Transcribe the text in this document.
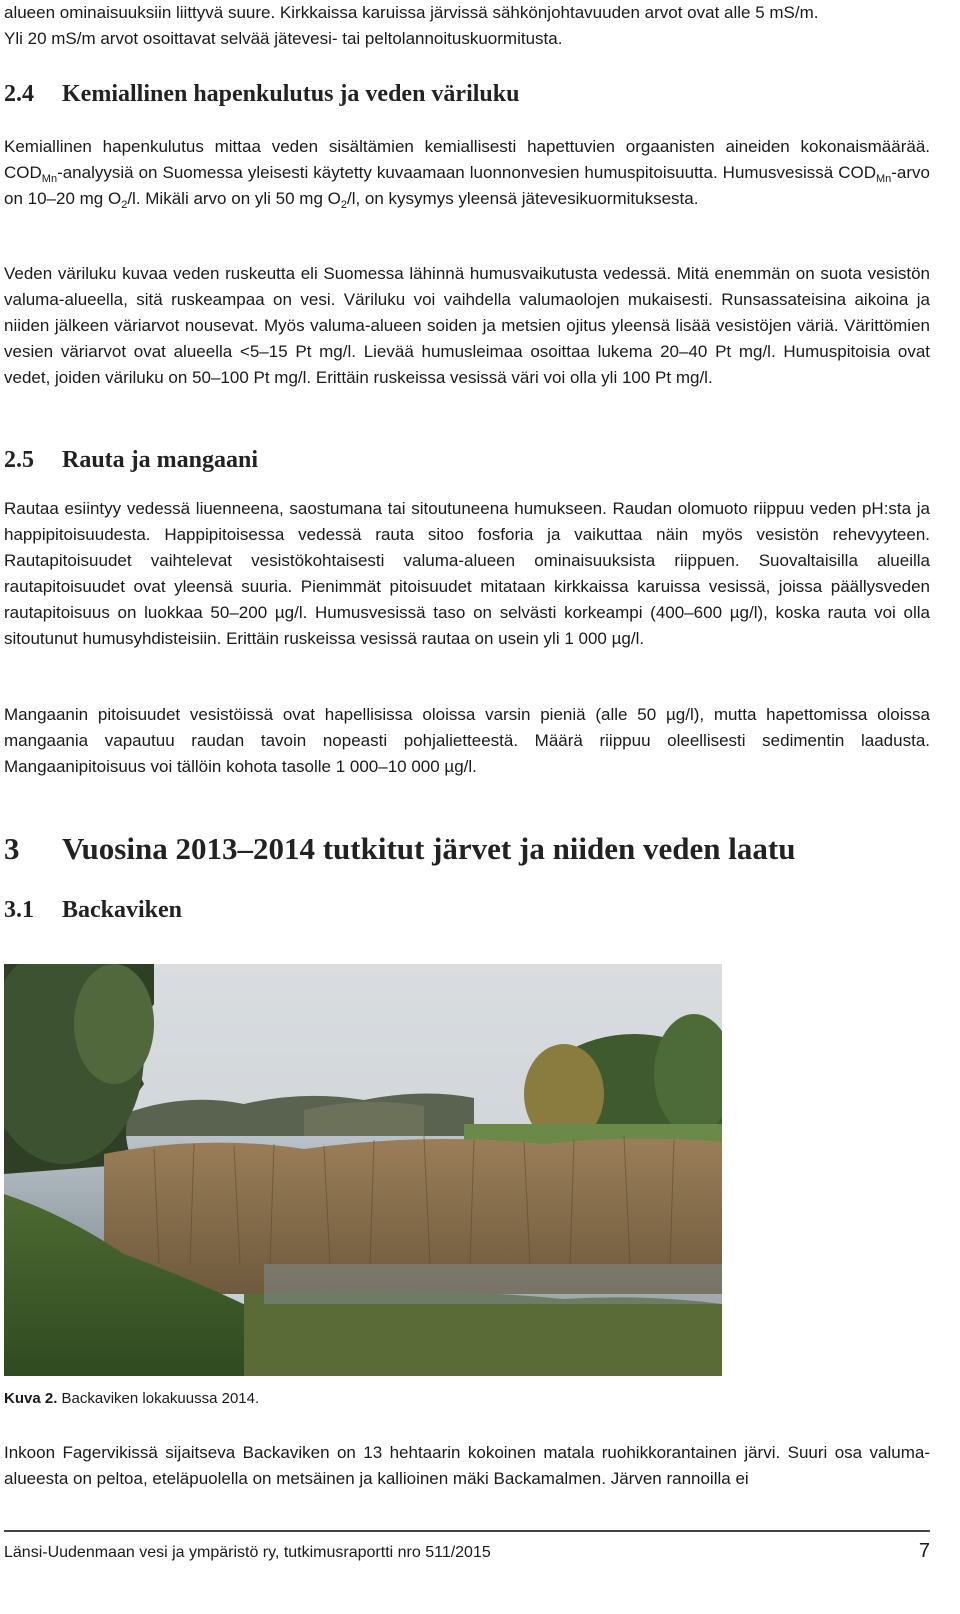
alueen ominaisuuksiin liittyvä suure. Kirkkaissa karuissa järvissä sähkönjohtavuuden arvot ovat alle 5 mS/m.
Yli 20 mS/m arvot osoittavat selvää jätevesi- tai peltolannoituskuormitusta.

2.4 Kemiallinen hapenkulutus ja veden väriluku

Kemiallinen hapenkulutus mittaa veden sisältämien kemiallisesti hapettuvien orgaanisten aineiden kokonaismäärää. $COD_{Mn}$-analyysiä on Suomessa yleisesti käytetty kuvaamaan luonnonvesien humuspitoisuutta. Humusvesissä $COD_{Mn}$-arvo on 10–20 mg $O_2/l$. Mikäli arvo on yli 50 mg $O_2/l$, on kysymys yleensä jätevesikuormituksesta.

Veden väriluku kuvaa veden ruskeutta eli Suomessa lähinnä humusvaikutusta vedessä. Mitä enemmän on suota vesistön valuma-alueella, sitä ruskeampaa on vesi. Väriluku voi vaihdella valumaolojen mukaisesti. Runsassateisina aikoina ja niiden jälkeen väriarvot nousevat. Myös valuma-alueen soiden ja metsien ojitus yleensä lisää vesistöjen väriä. Värittömien vesien väriarvot ovat alueella <5–15 Pt mg/l. Lievää humusleimaa osoittaa lukema 20–40 Pt mg/l. Humuspitoisia ovat vedet, joiden väriluku on 50–100 Pt mg/l. Erittäin ruskeissa vesissä väri voi olla yli 100 Pt mg/l.

2.5 Rauta ja mangaani

Rautaa esiintyy vedessä liuenneena, saostumana tai sitoutuneena humukseen. Raudan olomuoto riippuu veden pH:sta ja happipitoisuudesta. Happipitoisessa vedessä rauta sitoo fosforia ja vaikuttaa näin myös vesistön rehevyyteen. Rautapitoisuudet vaihtelevat vesistökohtaisesti valuma-alueen ominaisuuksista riippuen. Suovaltaisilla alueilla rautapitoisuudet ovat yleensä suuria. Pienimmät pitoisuudet mitataan kirkkaissa karuissa vesissä, joissa päällysveden rautapitoisuus on luokkaa 50–200 µg/l. Humusvesissä taso on selvästi korkeampi (400–600 µg/l), koska rauta voi olla sitoutunut humusyhdisteisiin. Erittäin ruskeissa vesissä rautaa on usein yli 1 000 µg/l.

Mangaanin pitoisuudet vesistöissä ovat hapellisissa oloissa varsin pieniä (alle 50 µg/l), mutta hapettomissa oloissa mangaania vapautuu raudan tavoin nopeasti pohjalietteestä. Määrä riippuu oleellisesti sedimentin laadusta. Mangaanipitoisuus voi tällöin kohota tasolle 1 000–10 000 µg/l.

3 Vuosina 2013–2014 tutkitut järvet ja niiden veden laatu
3.1 Backaviken
Kuva 2. Backaviken lokakuussa 2014.

Inkoon Fagervikissä sijaitseva Backaviken on 13 hehtaarin kokoinen matala ruohikkorantainen järvi. Suuri osa valuma-alueesta on peltoa, eteläpuolella on metsäinen ja kallioinen mäki Backamalmen. Järven rannoilla ei

Länsi-Uudenmaan vesi ja ympäristö ry, tutkimusraportti nro 511/2015	7
